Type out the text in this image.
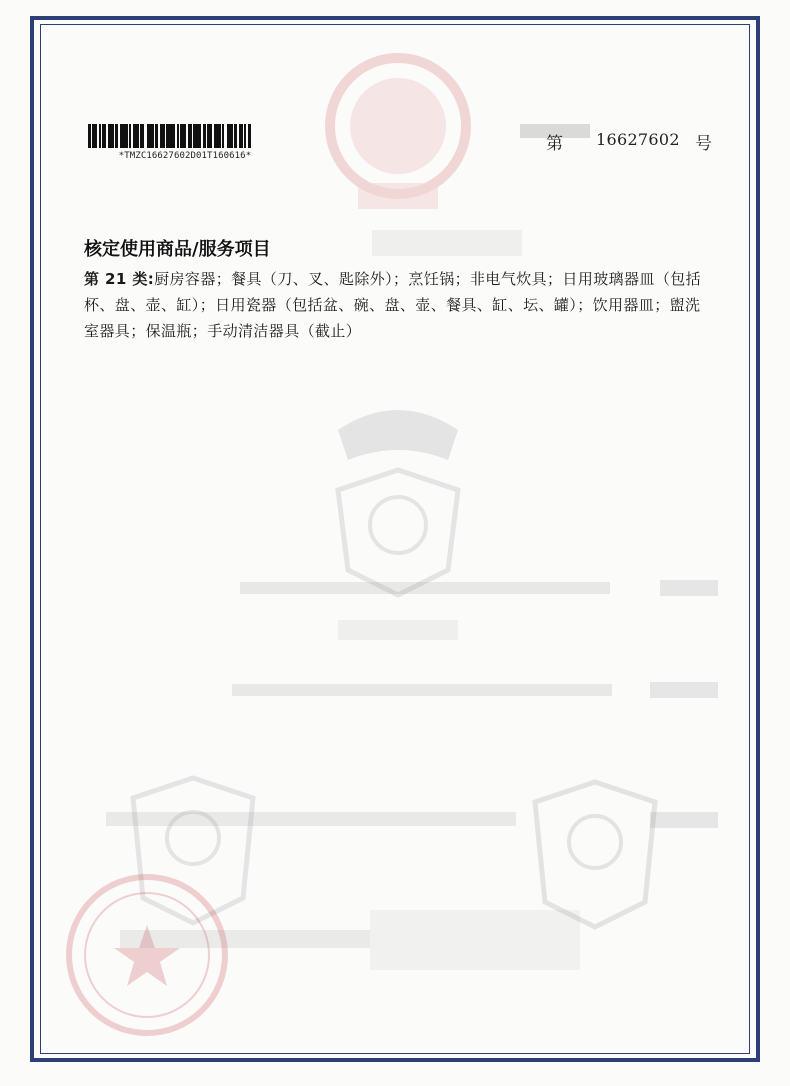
*TMZC16627602D01T160616*
第 16627602 号
核定使用商品/服务项目
第 21 类:厨房容器；餐具（刀、叉、匙除外）；烹饪锅；非电气炊具；日用玻璃器皿（包括杯、盘、壶、缸）；日用瓷器（包括盆、碗、盘、壶、餐具、缸、坛、罐）；饮用器皿；盥洗室器具；保温瓶；手动清洁器具（截止）
